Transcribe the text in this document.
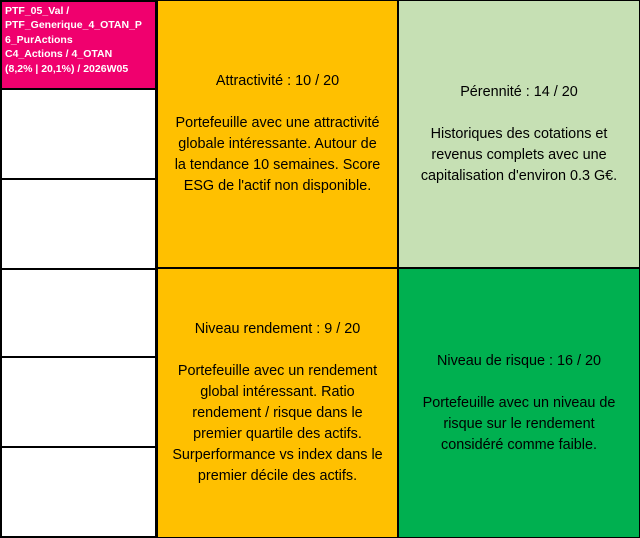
PTF_05_Val /
PTF_Generique_4_OTAN_P
6_PurActions
C4_Actions / 4_OTAN
(8,2% | 20,1%) / 2026W05
Attractivité : 10 / 20
Portefeuille avec une attractivité
globale intéressante. Autour de
la tendance 10 semaines. Score
ESG de l'actif non disponible.
Pérennité : 14 / 20
Historiques des cotations et
revenus complets avec une
capitalisation d'environ 0.3 G€.
Niveau rendement : 9 / 20
Portefeuille avec un rendement
global intéressant. Ratio
rendement / risque dans le
premier quartile des actifs.
Surperformance vs index dans le
premier décile des actifs.
Niveau de risque : 16 / 20
Portefeuille avec un niveau de
risque sur le rendement
considéré comme faible.
